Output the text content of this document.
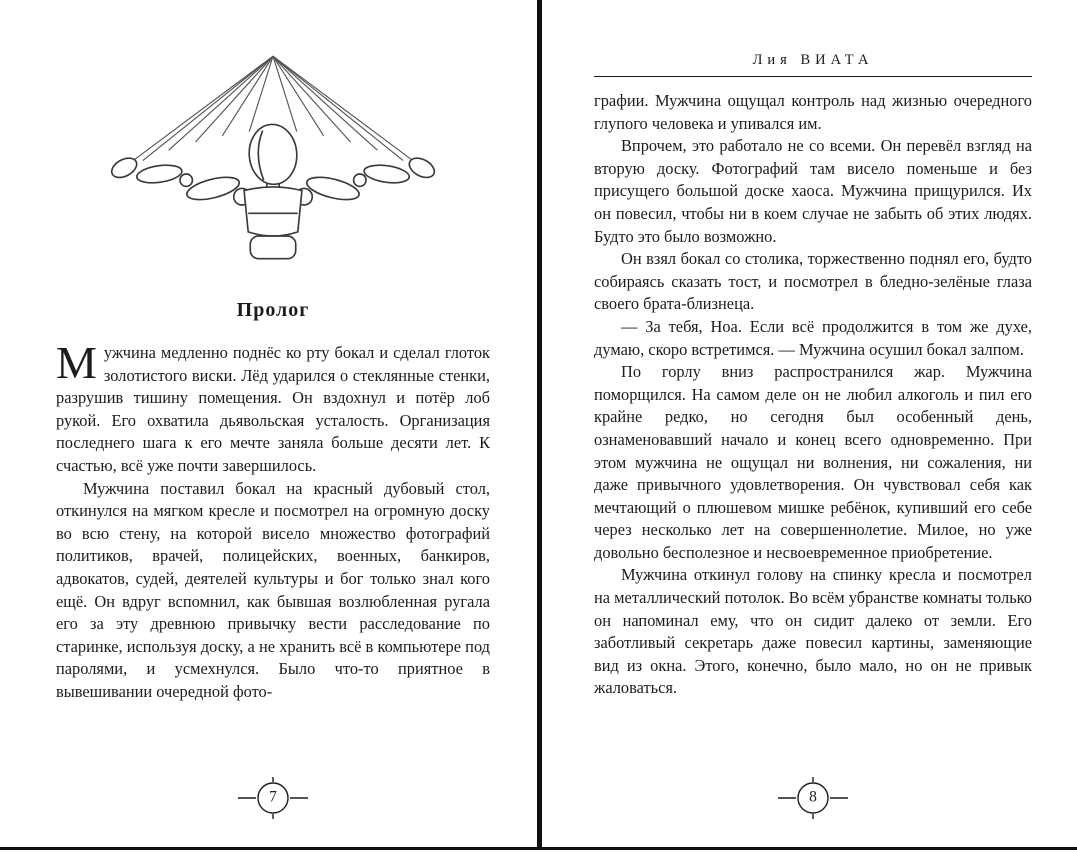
Пролог

Мужчина медленно поднёс ко рту бокал и сделал глоток золотистого виски. Лёд ударился о стеклянные стенки, разрушив тишину помещения. Он вздохнул и потёр лоб рукой. Его охватила дьявольская усталость. Организация последнего шага к его мечте заняла больше десяти лет. К счастью, всё уже почти завершилось.

Мужчина поставил бокал на красный дубовый стол, откинулся на мягком кресле и посмотрел на огромную доску во всю стену, на которой висело множество фотографий политиков, врачей, полицейских, военных, банкиров, адвокатов, судей, деятелей культуры и бог только знал кого ещё. Он вдруг вспомнил, как бывшая возлюбленная ругала его за эту древнюю привычку вести расследование по старинке, используя доску, а не хранить всё в компьютере под паролями, и усмехнулся. Было что-то приятное в вывешивании очередной фото-

7
Лия ВИАТА

графии. Мужчина ощущал контроль над жизнью очередного глупого человека и упивался им.

Впрочем, это работало не со всеми. Он перевёл взгляд на вторую доску. Фотографий там висело поменьше и без присущего большой доске хаоса. Мужчина прищурился. Их он повесил, чтобы ни в коем случае не забыть об этих людях. Будто это было возможно.

Он взял бокал со столика, торжественно поднял его, будто собираясь сказать тост, и посмотрел в бледно-зелёные глаза своего брата-близнеца.

— За тебя, Ноа. Если всё продолжится в том же духе, думаю, скоро встретимся. — Мужчина осушил бокал залпом.

По горлу вниз распространился жар. Мужчина поморщился. На самом деле он не любил алкоголь и пил его крайне редко, но сегодня был особенный день, ознаменовавший начало и конец всего одновременно. При этом мужчина не ощущал ни волнения, ни сожаления, ни даже привычного удовлетворения. Он чувствовал себя как мечтающий о плюшевом мишке ребёнок, купивший его себе через несколько лет на совершеннолетие. Милое, но уже довольно бесполезное и несвоевременное приобретение.

Мужчина откинул голову на спинку кресла и посмотрел на металлический потолок. Во всём убранстве комнаты только он напоминал ему, что он сидит далеко от земли. Его заботливый секретарь даже повесил картины, заменяющие вид из окна. Этого, конечно, было мало, но он не привык жаловаться.

8
